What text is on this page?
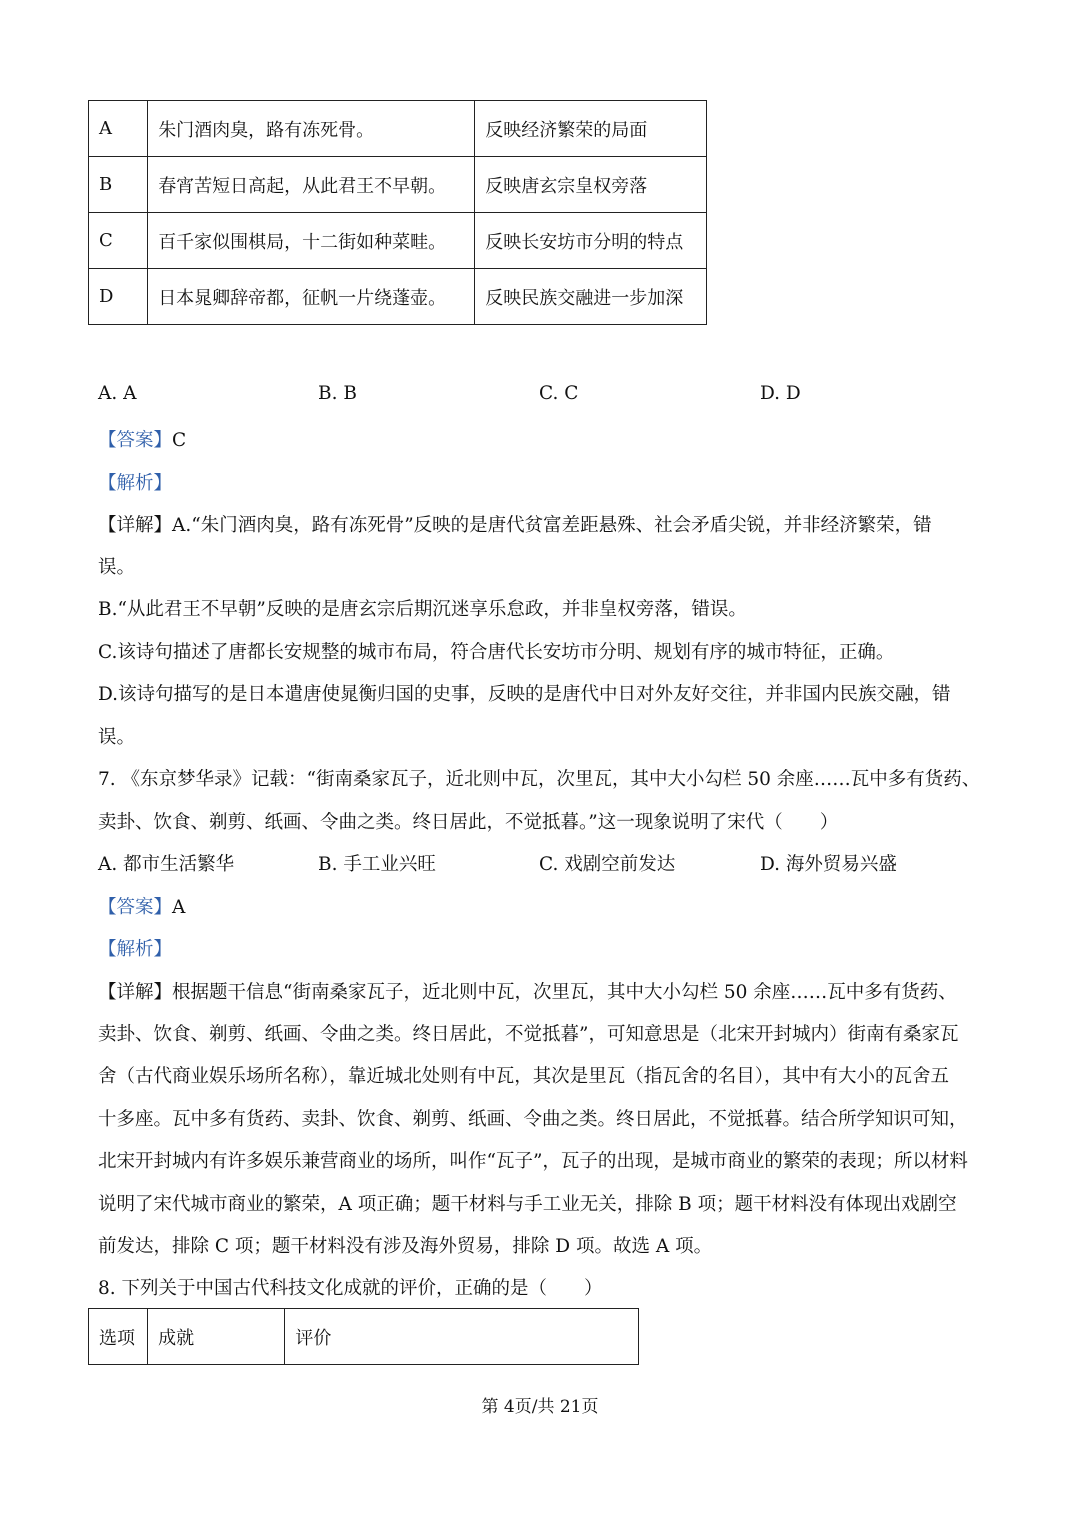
A	朱门酒肉臭，路有冻死骨。	反映经济繁荣的局面
B	春宵苦短日高起，从此君王不早朝。	反映唐玄宗皇权旁落
C	百千家似围棋局，十二街如种菜畦。	反映长安坊市分明的特点
D	日本晁卿辞帝都，征帆一片绕蓬壶。	反映民族交融进一步加深
A. A	B. B	C. C	D. D
【答案】C
【解析】
【详解】A.“朱门酒肉臭，路有冻死骨”反映的是唐代贫富差距悬殊、社会矛盾尖锐，并非经济繁荣，错
误。
B.“从此君王不早朝”反映的是唐玄宗后期沉迷享乐怠政，并非皇权旁落，错误。
C.该诗句描述了唐都长安规整的城市布局，符合唐代长安坊市分明、规划有序的城市特征，正确。
D.该诗句描写的是日本遣唐使晁衡归国的史事，反映的是唐代中日对外友好交往，并非国内民族交融，错
误。
7. 《东京梦华录》记载：“街南桑家瓦子，近北则中瓦，次里瓦，其中大小勾栏 50 余座……瓦中多有货药、
卖卦、饮食、剃剪、纸画、令曲之类。终日居此，不觉抵暮。”这一现象说明了宋代（　　）
A. 都市生活繁华	B. 手工业兴旺	C. 戏剧空前发达	D. 海外贸易兴盛
【答案】A
【解析】
【详解】根据题干信息“街南桑家瓦子，近北则中瓦，次里瓦，其中大小勾栏 50 余座……瓦中多有货药、
卖卦、饮食、剃剪、纸画、令曲之类。终日居此，不觉抵暮”，可知意思是（北宋开封城内）街南有桑家瓦
舍（古代商业娱乐场所名称），靠近城北处则有中瓦，其次是里瓦（指瓦舍的名目），其中有大小的瓦舍五
十多座。瓦中多有货药、卖卦、饮食、剃剪、纸画、令曲之类。终日居此，不觉抵暮。结合所学知识可知，
北宋开封城内有许多娱乐兼营商业的场所，叫作“瓦子”，瓦子的出现，是城市商业的繁荣的表现；所以材料
说明了宋代城市商业的繁荣，A 项正确；题干材料与手工业无关，排除 B 项；题干材料没有体现出戏剧空
前发达，排除 C 项；题干材料没有涉及海外贸易，排除 D 项。故选 A 项。
8. 下列关于中国古代科技文化成就的评价，正确的是（　　）
选项	成就	评价
第 4页/共 21页
